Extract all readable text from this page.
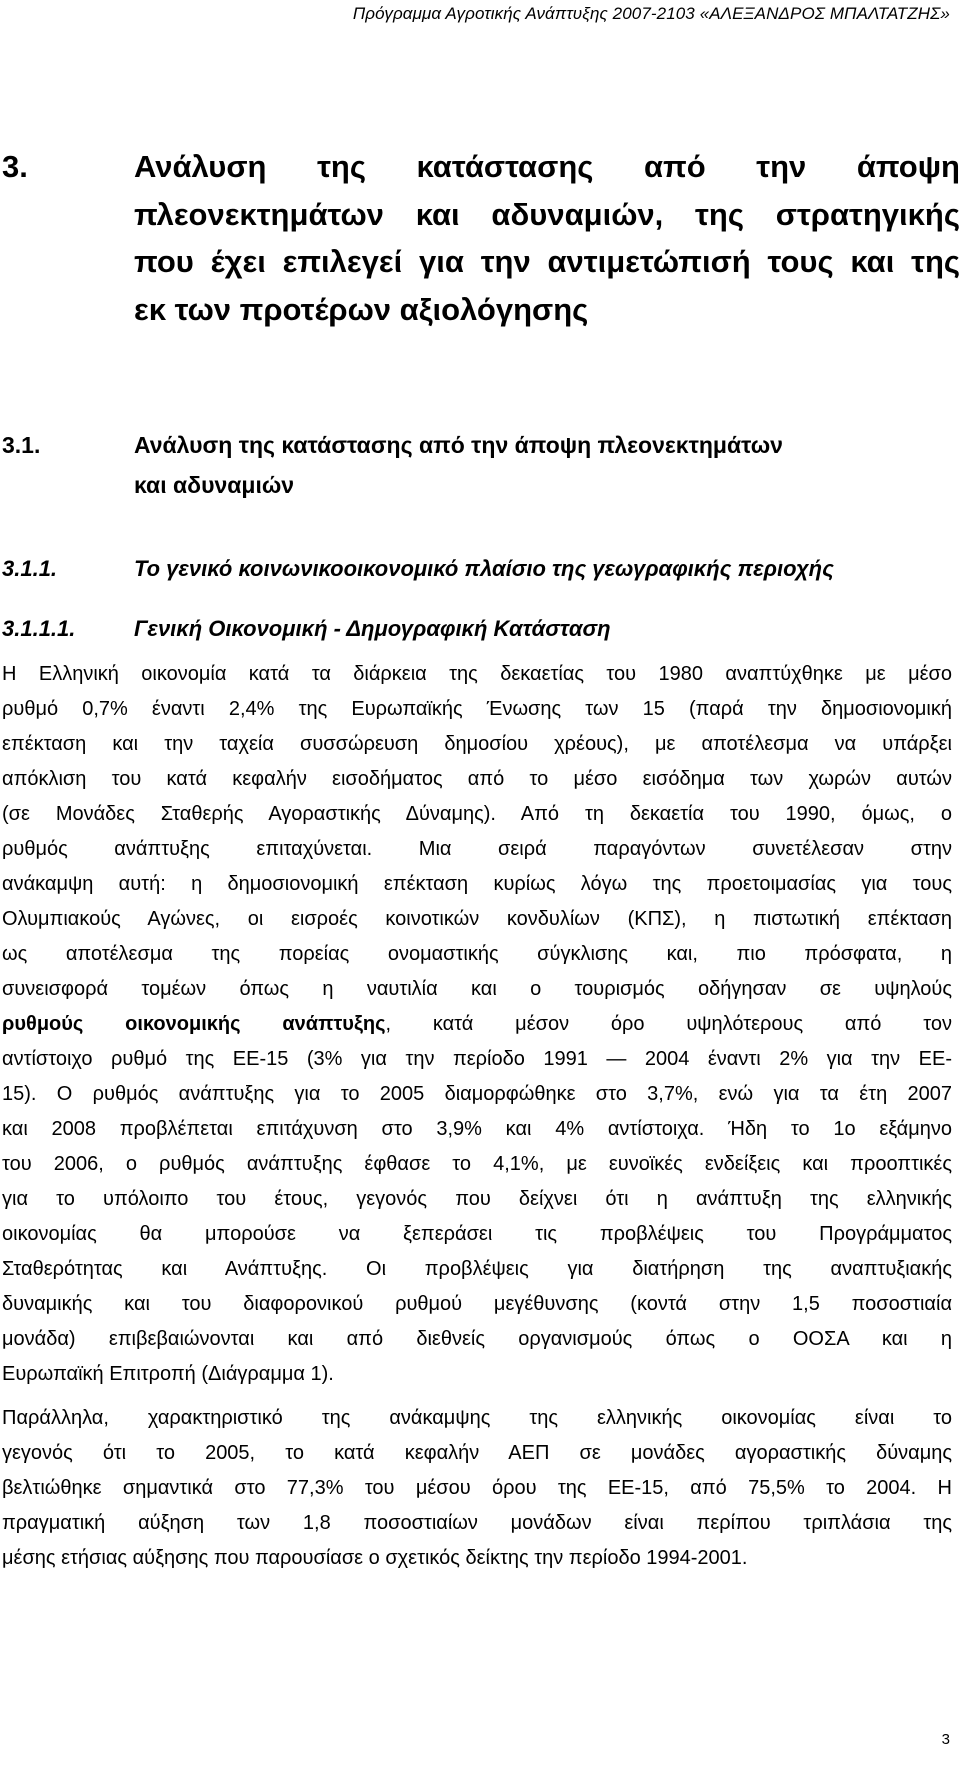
Πρόγραμμα Αγροτικής Ανάπτυξης 2007-2103 «ΑΛΕΞΑΝΔΡΟΣ ΜΠΑΛΤΑΤΖΗΣ»
3.	Ανάλυση της κατάστασης από την άποψη
πλεονεκτημάτων και αδυναμιών, της στρατηγικής
που έχει επιλεγεί για την αντιμετώπισή τους και της
εκ των προτέρων αξιολόγησης
3.1.	Ανάλυση της κατάστασης από την άποψη πλεονεκτημάτων
και αδυναμιών
3.1.1.	Το γενικό κοινωνικοοικονομικό πλαίσιο της γεωγραφικής περιοχής
3.1.1.1.	Γενική Οικονομική - Δημογραφική Κατάσταση
Η Ελληνική οικονομία κατά τα διάρκεια της δεκαετίας του 1980 αναπτύχθηκε με μέσο
ρυθμό 0,7% έναντι 2,4% της Ευρωπαϊκής Ένωσης των 15 (παρά την δημοσιονομική
επέκταση και την ταχεία συσσώρευση δημοσίου χρέους), με αποτέλεσμα να υπάρξει
απόκλιση του κατά κεφαλήν εισοδήματος από το μέσο εισόδημα των χωρών αυτών
(σε Μονάδες Σταθερής Αγοραστικής Δύναμης). Από τη δεκαετία του 1990, όμως, ο
ρυθμός ανάπτυξης επιταχύνεται. Μια σειρά παραγόντων συνετέλεσαν στην
ανάκαμψη αυτή: η δημοσιονομική επέκταση κυρίως λόγω της προετοιμασίας για τους
Ολυμπιακούς Αγώνες, οι εισροές κοινοτικών κονδυλίων (ΚΠΣ), η πιστωτική επέκταση
ως αποτέλεσμα της πορείας ονομαστικής σύγκλισης και, πιο πρόσφατα, η
συνεισφορά τομέων όπως η ναυτιλία και ο τουρισμός οδήγησαν σε υψηλούς
ρυθμούς οικονομικής ανάπτυξης, κατά μέσον όρο υψηλότερους από τον
αντίστοιχο ρυθμό της ΕΕ-15 (3% για την περίοδο 1991 — 2004 έναντι 2% για την ΕΕ-
15). Ο ρυθμός ανάπτυξης για το 2005 διαμορφώθηκε στο 3,7%, ενώ για τα έτη 2007
και 2008 προβλέπεται επιτάχυνση στο 3,9% και 4% αντίστοιχα. Ήδη το 1ο εξάμηνο
του 2006, ο ρυθμός ανάπτυξης έφθασε το 4,1%, με ευνοϊκές ενδείξεις και προοπτικές
για το υπόλοιπο του έτους, γεγονός που δείχνει ότι η ανάπτυξη της ελληνικής
οικονομίας θα μπορούσε να ξεπεράσει τις προβλέψεις του Προγράμματος
Σταθερότητας και Ανάπτυξης. Οι προβλέψεις για διατήρηση της αναπτυξιακής
δυναμικής και του διαφορoνικού ρυθμού μεγέθυνσης (κοντά στην 1,5 ποσοστιαία
μονάδα) επιβεβαιώνονται και από διεθνείς οργανισμούς όπως ο ΟΟΣΑ και η
Ευρωπαϊκή Επιτροπή (Διάγραμμα 1).
Παράλληλα, χαρακτηριστικό της ανάκαμψης της ελληνικής οικονομίας είναι το
γεγονός ότι το 2005, το κατά κεφαλήν ΑΕΠ σε μονάδες αγοραστικής δύναμης
βελτιώθηκε σημαντικά στο 77,3% του μέσου όρου της ΕΕ-15, από 75,5% το 2004. Η
πραγματική αύξηση των 1,8 ποσοστιαίων μονάδων είναι περίπου τριπλάσια της
μέσης ετήσιας αύξησης που παρουσίασε ο σχετικός δείκτης την περίοδο 1994-2001.
3
